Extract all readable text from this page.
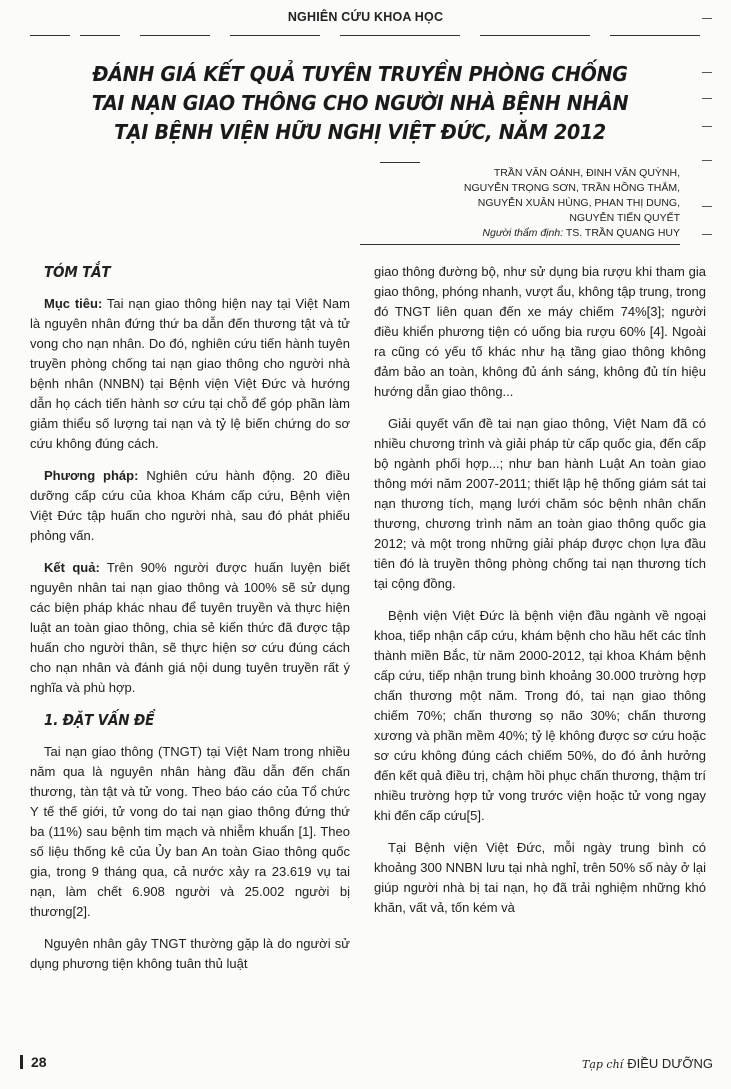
NGHIÊN CỨU KHOA HỌC
ĐÁNH GIÁ KẾT QUẢ TUYÊN TRUYỀN PHÒNG CHỐNG
TAI NẠN GIAO THÔNG CHO NGƯỜI NHÀ BỆNH NHÂN
TẠI BỆNH VIỆN HỮU NGHỊ VIỆT ĐỨC, NĂM 2012
TRẦN VĂN OÁNH, ĐINH VĂN QUỲNH,
NGUYỄN TRỌNG SƠN, TRẦN HỒNG THẮM,
NGUYỄN XUÂN HÙNG, PHAN THỊ DUNG,
NGUYỄN TIẾN QUYẾT
Người thẩm định: TS. TRẦN QUANG HUY
TÓM TẮT

Mục tiêu: Tai nạn giao thông hiện nay tại Việt Nam là nguyên nhân đứng thứ ba dẫn đến thương tật và tử vong cho nạn nhân. Do đó, nghiên cứu tiến hành tuyên truyền phòng chống tai nạn giao thông cho người nhà bệnh nhân (NNBN) tại Bệnh viện Việt Đức và hướng dẫn họ cách tiến hành sơ cứu tại chỗ để góp phần làm giảm thiểu số lượng tai nạn và tỷ lệ biến chứng do sơ cứu không đúng cách.

Phương pháp: Nghiên cứu hành động. 20 điều dưỡng cấp cứu của khoa Khám cấp cứu, Bệnh viện Việt Đức tập huấn cho người nhà, sau đó phát phiếu phỏng vấn.

Kết quả: Trên 90% người được huấn luyện biết nguyên nhân tai nạn giao thông và 100% sẽ sử dụng các biện pháp khác nhau để tuyên truyền và thực hiện luật an toàn giao thông, chia sẻ kiến thức đã được tập huấn cho người thân, sẽ thực hiện sơ cứu đúng cách cho nạn nhân và đánh giá nội dung tuyên truyền rất ý nghĩa và phù hợp.

1. ĐẶT VẤN ĐỀ

Tai nạn giao thông (TNGT) tại Việt Nam trong nhiều năm qua là nguyên nhân hàng đầu dẫn đến chấn thương, tàn tật và tử vong. Theo báo cáo của Tổ chức Y tế thế giới, tử vong do tai nạn giao thông đứng thứ ba (11%) sau bệnh tim mạch và nhiễm khuẩn [1]. Theo số liệu thống kê của Ủy ban An toàn Giao thông quốc gia, trong 9 tháng qua, cả nước xảy ra 23.619 vụ tai nạn, làm chết 6.908 người và 25.002 người bị thương[2].

Nguyên nhân gây TNGT thường gặp là do người sử dụng phương tiện không tuân thủ luật

giao thông đường bộ, như sử dụng bia rượu khi tham gia giao thông, phóng nhanh, vượt ẩu, không tập trung, trong đó TNGT liên quan đến xe máy chiếm 74%[3]; người điều khiển phương tiện có uống bia rượu 60% [4]. Ngoài ra cũng có yếu tố khác như hạ tầng giao thông không đảm bảo an toàn, không đủ ánh sáng, không đủ tín hiệu hướng dẫn giao thông...

Giải quyết vấn đề tai nạn giao thông, Việt Nam đã có nhiều chương trình và giải pháp từ cấp quốc gia, đến cấp bộ ngành phối hợp...; như ban hành Luật An toàn giao thông mới năm 2007-2011; thiết lập hệ thống giám sát tai nạn thương tích, mạng lưới chăm sóc bệnh nhân chấn thương, chương trình năm an toàn giao thông quốc gia 2012; và một trong những giải pháp được chọn lựa đầu tiên đó là truyền thông phòng chống tai nạn thương tích tại cộng đồng.

Bệnh viện Việt Đức là bệnh viện đầu ngành về ngoại khoa, tiếp nhận cấp cứu, khám bệnh cho hầu hết các tỉnh thành miền Bắc, từ năm 2000-2012, tại khoa Khám bệnh cấp cứu, tiếp nhận trung bình khoảng 30.000 trường hợp chấn thương một năm. Trong đó, tai nạn giao thông chiếm 70%; chấn thương sọ não 30%; chấn thương xương và phần mềm 40%; tỷ lệ không được sơ cứu hoặc sơ cứu không đúng cách chiếm 50%, do đó ảnh hưởng đến kết quả điều trị, chậm hồi phục chấn thương, thậm trí nhiều trường hợp tử vong trước viện hoặc tử vong ngay khi đến cấp cứu[5].

Tại Bệnh viện Việt Đức, mỗi ngày trung bình có khoảng 300 NNBN lưu tại nhà nghỉ, trên 50% số này ở lại giúp người nhà bị tai nạn, họ đã trải nghiệm những khó khăn, vất vả, tốn kém và

28	Tạp chí ĐIỀU DƯỠNG
